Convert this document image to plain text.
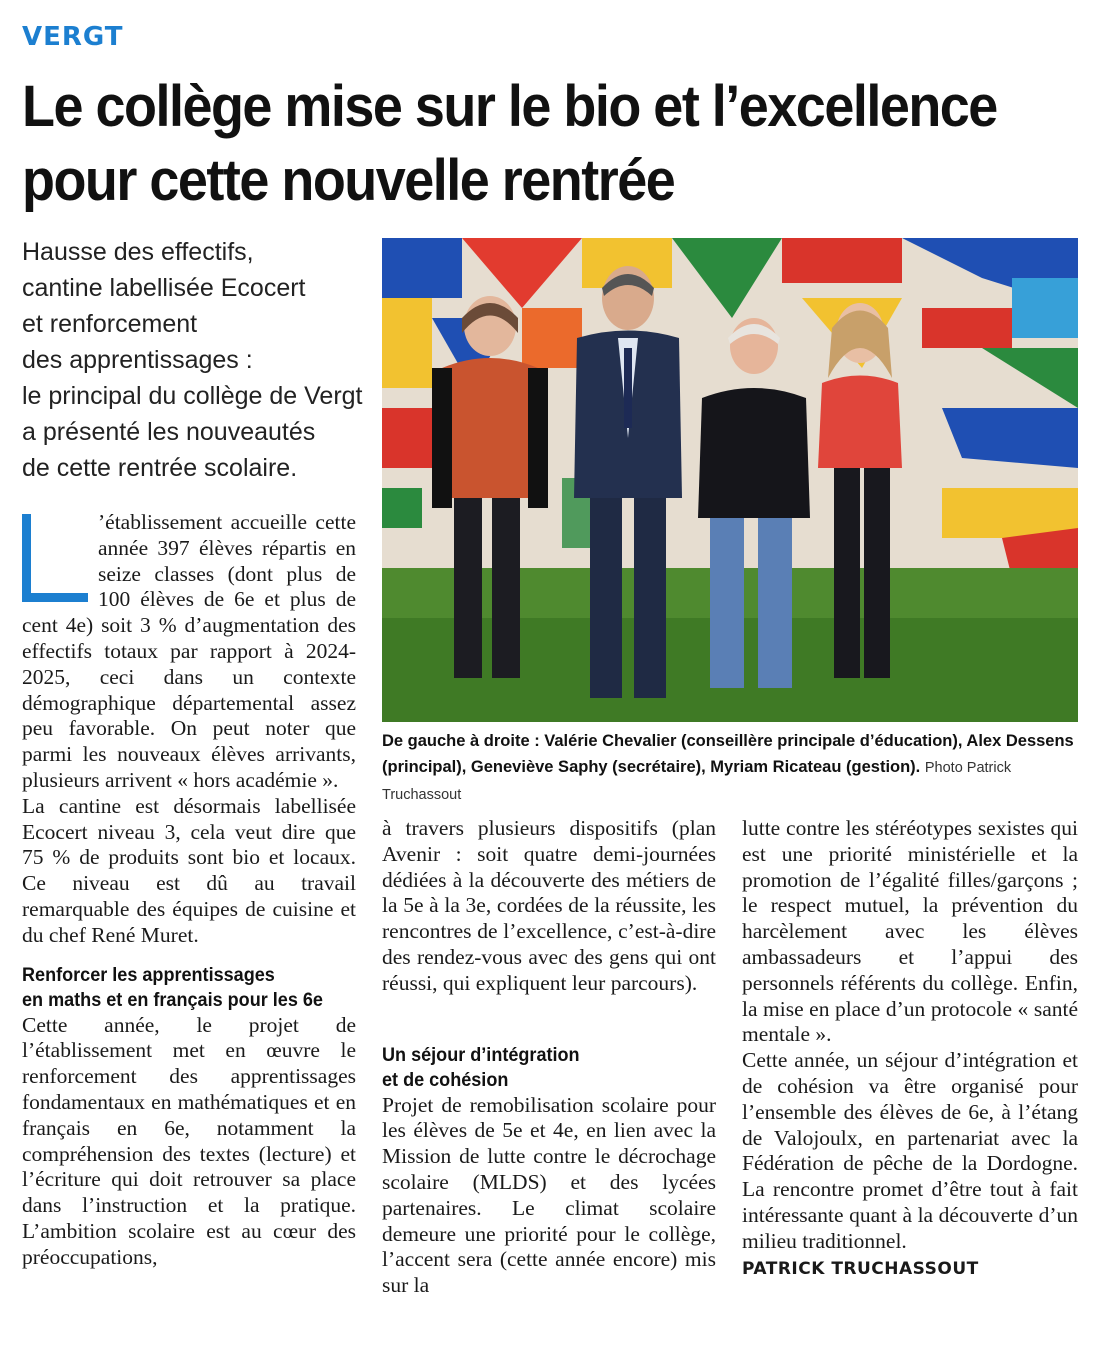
VERGT
Le collège mise sur le bio et l’excellence
pour cette nouvelle rentrée
Hausse des effectifs,
cantine labellisée Ecocert
et renforcement
des apprentissages :
le principal du collège de Vergt
a présenté les nouveautés
de cette rentrée scolaire.
De gauche à droite : Valérie Chevalier (conseillère principale d’éducation), Alex Dessens (principal), Geneviève Saphy (secrétaire), Myriam Ricateau (gestion). Photo Patrick Truchassout

’établissement accueille cette année 397 élèves répartis en seize classes (dont plus de 100 élèves de 6e et plus de cent 4e) soit 3 % d’augmentation des effectifs totaux par rapport à 2024-2025, ceci dans un contexte démographique départemental assez peu favorable. On peut noter que parmi les nouveaux élèves arrivants, plusieurs arrivent « hors académie ».

La cantine est désormais labellisée Ecocert niveau 3, cela veut dire que 75 % de produits sont bio et locaux. Ce niveau est dû au travail remarquable des équipes de cuisine et du chef René Muret.

Renforcer les apprentissages
en maths et en français pour les 6e

Cette année, le projet de l’établissement met en œuvre le renforcement des apprentissages fondamentaux en mathématiques et en français en 6e, notamment la compréhension des textes (lecture) et l’écriture qui doit retrouver sa place dans l’instruction et la pratique. L’ambition scolaire est au cœur des préoccupations,

à travers plusieurs dispositifs (plan Avenir : soit quatre demi-journées dédiées à la découverte des métiers de la 5e à la 3e, cordées de la réussite, les rencontres de l’excellence, c’est-à-dire des rendez-vous avec des gens qui ont réussi, qui expliquent leur parcours).

Un séjour d’intégration
et de cohésion

Projet de remobilisation scolaire pour les élèves de 5e et 4e, en lien avec la Mission de lutte contre le décrochage scolaire (MLDS) et des lycées partenaires. Le climat scolaire demeure une priorité pour le collège, l’accent sera (cette année encore) mis sur la

lutte contre les stéréotypes sexistes qui est une priorité ministérielle et la promotion de l’égalité filles/garçons ; le respect mutuel, la prévention du harcèlement avec les élèves ambassadeurs et l’appui des personnels référents du collège. Enfin, la mise en place d’un protocole « santé mentale ».

Cette année, un séjour d’intégration et de cohésion va être organisé pour l’ensemble des élèves de 6e, à l’étang de Valojoulx, en partenariat avec la Fédération de pêche de la Dordogne. La rencontre promet d’être tout à fait intéressante quant à la découverte d’un milieu traditionnel.

PATRICK TRUCHASSOUT
